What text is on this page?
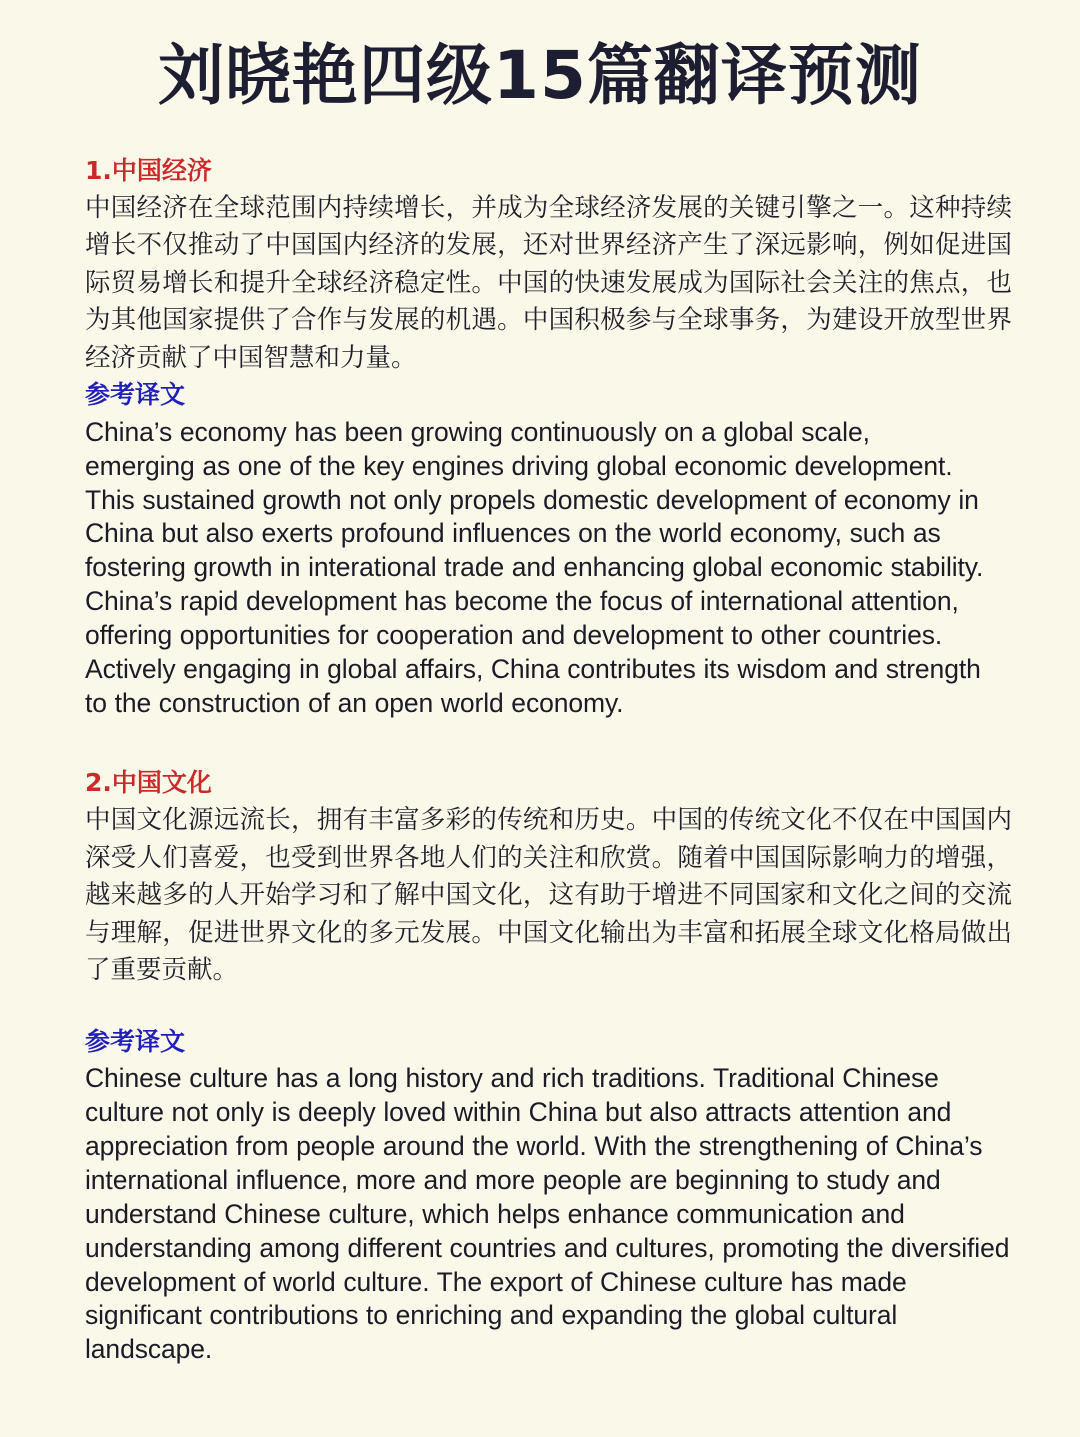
刘晓艳四级15篇翻译预测
1.中国经济

中国经济在全球范围内持续增长，并成为全球经济发展的关键引擎之一。这种持续增长不仅推动了中国国内经济的发展，还对世界经济产生了深远影响，例如促进国际贸易增长和提升全球经济稳定性。中国的快速发展成为国际社会关注的焦点，也为其他国家提供了合作与发展的机遇。中国积极参与全球事务，为建设开放型世界经济贡献了中国智慧和力量。

参考译文

China’s economy has been growing continuously on a global scale, emerging as one of the key engines driving global economic development. This sustained growth not only propels domestic development of economy in China but also exerts profound influences on the world economy, such as fostering growth in interational trade and enhancing global economic stability. China’s rapid development has become the focus of international attention, offering opportunities for cooperation and development to other countries. Actively engaging in global affairs, China contributes its wisdom and strength to the construction of an open world economy.

2.中国文化

中国文化源远流长，拥有丰富多彩的传统和历史。中国的传统文化不仅在中国国内深受人们喜爱，也受到世界各地人们的关注和欣赏。随着中国国际影响力的增强，越来越多的人开始学习和了解中国文化，这有助于增进不同国家和文化之间的交流与理解，促进世界文化的多元发展。中国文化输出为丰富和拓展全球文化格局做出了重要贡献。

参考译文

Chinese culture has a long history and rich traditions. Traditional Chinese culture not only is deeply loved within China but also attracts attention and appreciation from people around the world. With the strengthening of China’s international influence, more and more people are beginning to study and understand Chinese culture, which helps enhance communication and understanding among different countries and cultures, promoting the diversified development of world culture. The export of Chinese culture has made significant contributions to enriching and expanding the global cultural landscape.
